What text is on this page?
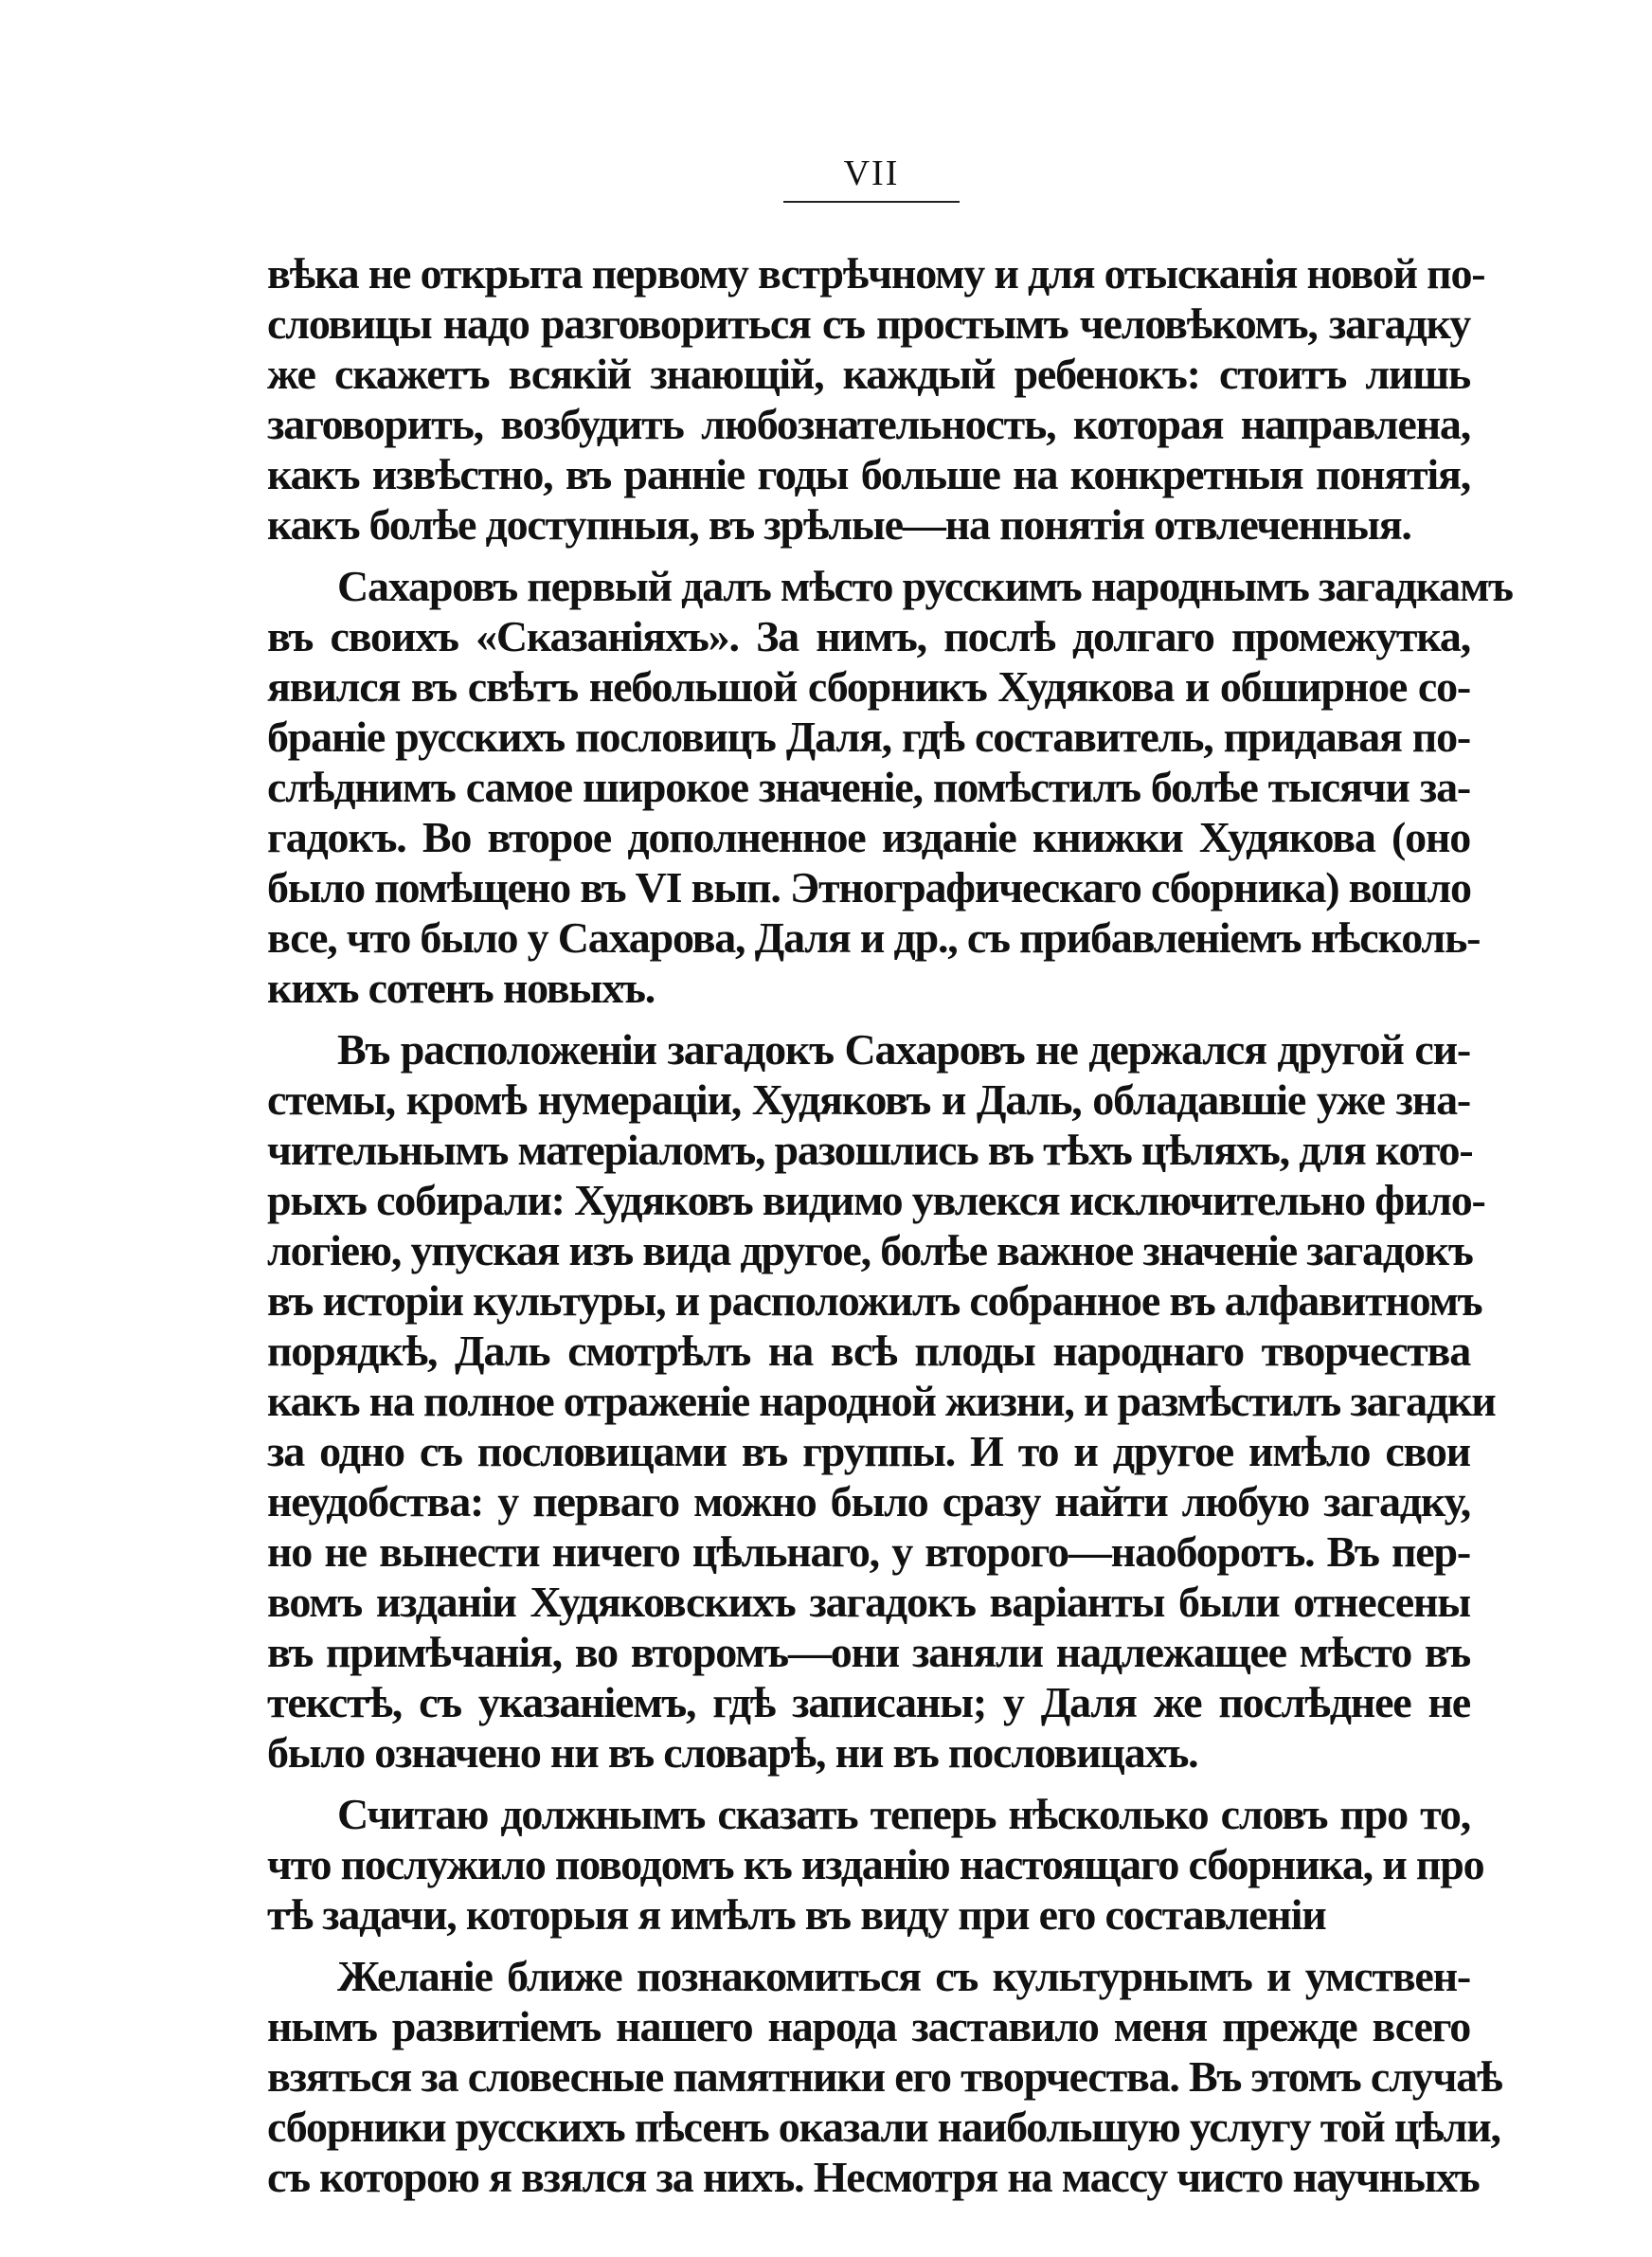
VII

вѣка не открыта первому встрѣчному и для отысканія новой по-
словицы надо разговориться съ простымъ человѣкомъ, загадку
же скажетъ всякій знающій, каждый ребенокъ: стоитъ лишь
заговорить, возбудить любознательность, которая направлена,
какъ извѣстно, въ ранніе годы больше на конкретныя понятія,
какъ болѣе доступныя, въ зрѣлые—на понятія отвлеченныя.

Сахаровъ первый далъ мѣсто русскимъ народнымъ загадкамъ
въ своихъ «Сказаніяхъ». За нимъ, послѣ долгаго промежутка,
явился въ свѣтъ небольшой сборникъ Худякова и обширное со-
браніе русскихъ пословицъ Даля, гдѣ составитель, придавая по-
слѣднимъ самое широкое значеніе, помѣстилъ болѣе тысячи за-
гадокъ. Во второе дополненное изданіе книжки Худякова (оно
было помѣщено въ VI вып. Этнографическаго сборника) вошло
все, что было у Сахарова, Даля и др., съ прибавленіемъ нѣсколь-
кихъ сотенъ новыхъ.

Въ расположеніи загадокъ Сахаровъ не держался другой си-
стемы, кромѣ нумераціи, Худяковъ и Даль, обладавшіе уже зна-
чительнымъ матеріаломъ, разошлись въ тѣхъ цѣляхъ, для кото-
рыхъ собирали: Худяковъ видимо увлекся исключительно фило-
логіею, упуская изъ вида другое, болѣе важное значеніе загадокъ
въ исторіи культуры, и расположилъ собранное въ алфавитномъ
порядкѣ, Даль смотрѣлъ на всѣ плоды народнаго творчества
какъ на полное отраженіе народной жизни, и размѣстилъ загадки
за одно съ пословицами въ группы. И то и другое имѣло свои
неудобства: у перваго можно было сразу найти любую загадку,
но не вынести ничего цѣльнаго, у второго—наоборотъ. Въ пер-
вомъ изданіи Худяковскихъ загадокъ варіанты были отнесены
въ примѣчанія, во второмъ—они заняли надлежащее мѣсто въ
текстѣ, съ указаніемъ, гдѣ записаны; у Даля же послѣднее не
было означено ни въ словарѣ, ни въ пословицахъ.

Считаю должнымъ сказать теперь нѣсколько словъ про то,
что послужило поводомъ къ изданію настоящаго сборника, и про
тѣ задачи, которыя я имѣлъ въ виду при его составленіи

Желаніе ближе познакомиться съ культурнымъ и умствен-
нымъ развитіемъ нашего народа заставило меня прежде всего
взяться за словесные памятники его творчества. Въ этомъ случаѣ
сборники русскихъ пѣсенъ оказали наибольшую услугу той цѣли,
съ которою я взялся за нихъ. Несмотря на массу чисто научныхъ
